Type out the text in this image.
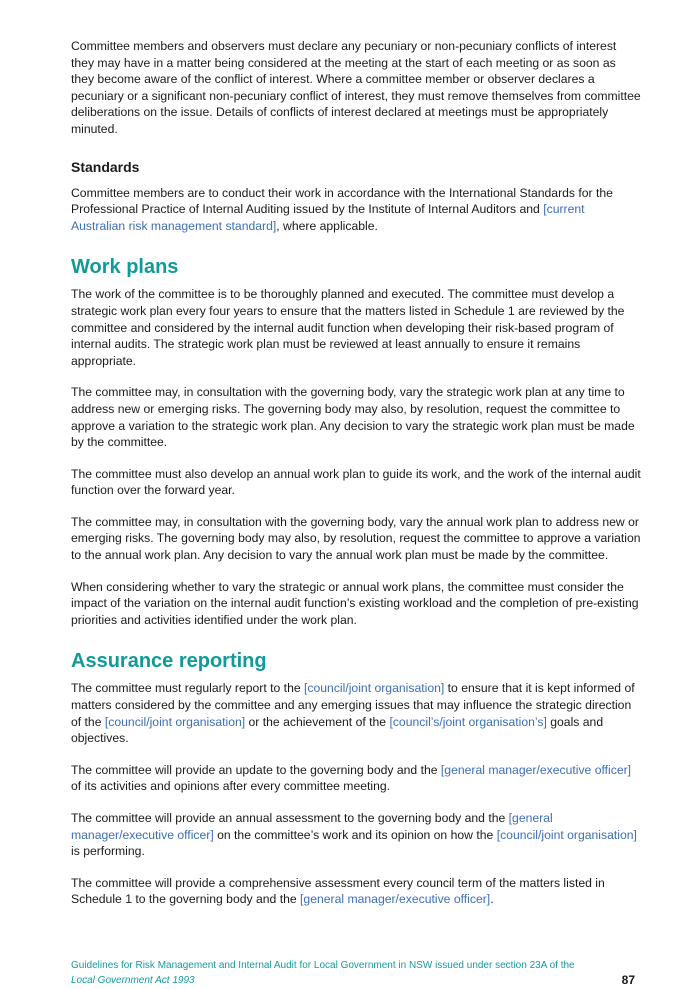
Committee members and observers must declare any pecuniary or non-pecuniary conflicts of interest they may have in a matter being considered at the meeting at the start of each meeting or as soon as they become aware of the conflict of interest. Where a committee member or observer declares a pecuniary or a significant non-pecuniary conflict of interest, they must remove themselves from committee deliberations on the issue. Details of conflicts of interest declared at meetings must be appropriately minuted.

Standards

Committee members are to conduct their work in accordance with the International Standards for the Professional Practice of Internal Auditing issued by the Institute of Internal Auditors and [current Australian risk management standard], where applicable.

Work plans

The work of the committee is to be thoroughly planned and executed. The committee must develop a strategic work plan every four years to ensure that the matters listed in Schedule 1 are reviewed by the committee and considered by the internal audit function when developing their risk-based program of internal audits. The strategic work plan must be reviewed at least annually to ensure it remains appropriate.

The committee may, in consultation with the governing body, vary the strategic work plan at any time to address new or emerging risks. The governing body may also, by resolution, request the committee to approve a variation to the strategic work plan. Any decision to vary the strategic work plan must be made by the committee.

The committee must also develop an annual work plan to guide its work, and the work of the internal audit function over the forward year.

The committee may, in consultation with the governing body, vary the annual work plan to address new or emerging risks. The governing body may also, by resolution, request the committee to approve a variation to the annual work plan. Any decision to vary the annual work plan must be made by the committee.

When considering whether to vary the strategic or annual work plans, the committee must consider the impact of the variation on the internal audit function’s existing workload and the completion of pre-existing priorities and activities identified under the work plan.

Assurance reporting

The committee must regularly report to the [council/joint organisation] to ensure that it is kept informed of matters considered by the committee and any emerging issues that may influence the strategic direction of the [council/joint organisation] or the achievement of the [council’s/joint organisation’s] goals and objectives.

The committee will provide an update to the governing body and the [general manager/executive officer] of its activities and opinions after every committee meeting.

The committee will provide an annual assessment to the governing body and the [general manager/executive officer] on the committee’s work and its opinion on how the [council/joint organisation] is performing.

The committee will provide a comprehensive assessment every council term of the matters listed in Schedule 1 to the governing body and the [general manager/executive officer].

Guidelines for Risk Management and Internal Audit for Local Government in NSW issued under section 23A of the Local Government Act 1993	87
